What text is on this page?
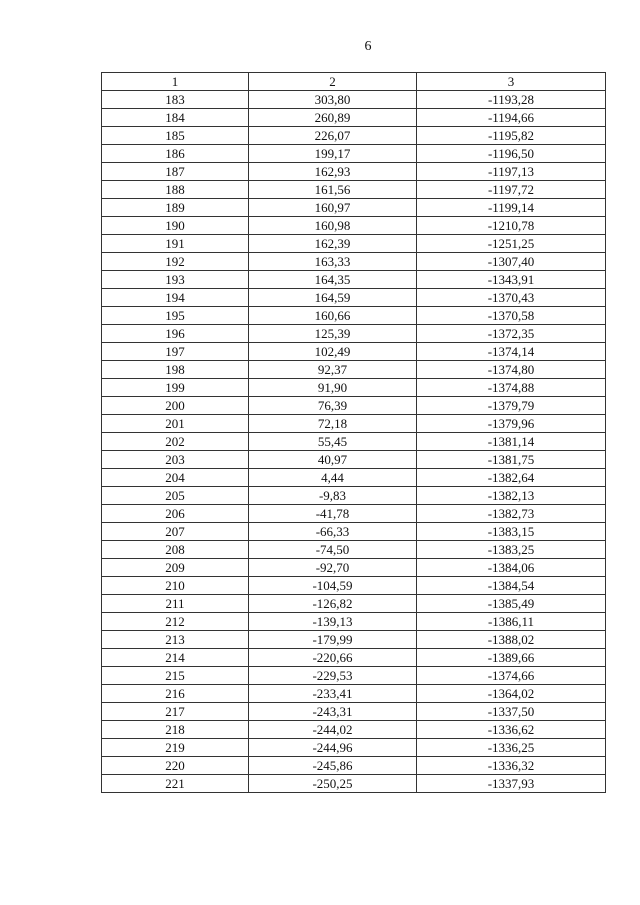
6
1	2	3
183	303,80	-1193,28
184	260,89	-1194,66
185	226,07	-1195,82
186	199,17	-1196,50
187	162,93	-1197,13
188	161,56	-1197,72
189	160,97	-1199,14
190	160,98	-1210,78
191	162,39	-1251,25
192	163,33	-1307,40
193	164,35	-1343,91
194	164,59	-1370,43
195	160,66	-1370,58
196	125,39	-1372,35
197	102,49	-1374,14
198	92,37	-1374,80
199	91,90	-1374,88
200	76,39	-1379,79
201	72,18	-1379,96
202	55,45	-1381,14
203	40,97	-1381,75
204	4,44	-1382,64
205	-9,83	-1382,13
206	-41,78	-1382,73
207	-66,33	-1383,15
208	-74,50	-1383,25
209	-92,70	-1384,06
210	-104,59	-1384,54
211	-126,82	-1385,49
212	-139,13	-1386,11
213	-179,99	-1388,02
214	-220,66	-1389,66
215	-229,53	-1374,66
216	-233,41	-1364,02
217	-243,31	-1337,50
218	-244,02	-1336,62
219	-244,96	-1336,25
220	-245,86	-1336,32
221	-250,25	-1337,93
